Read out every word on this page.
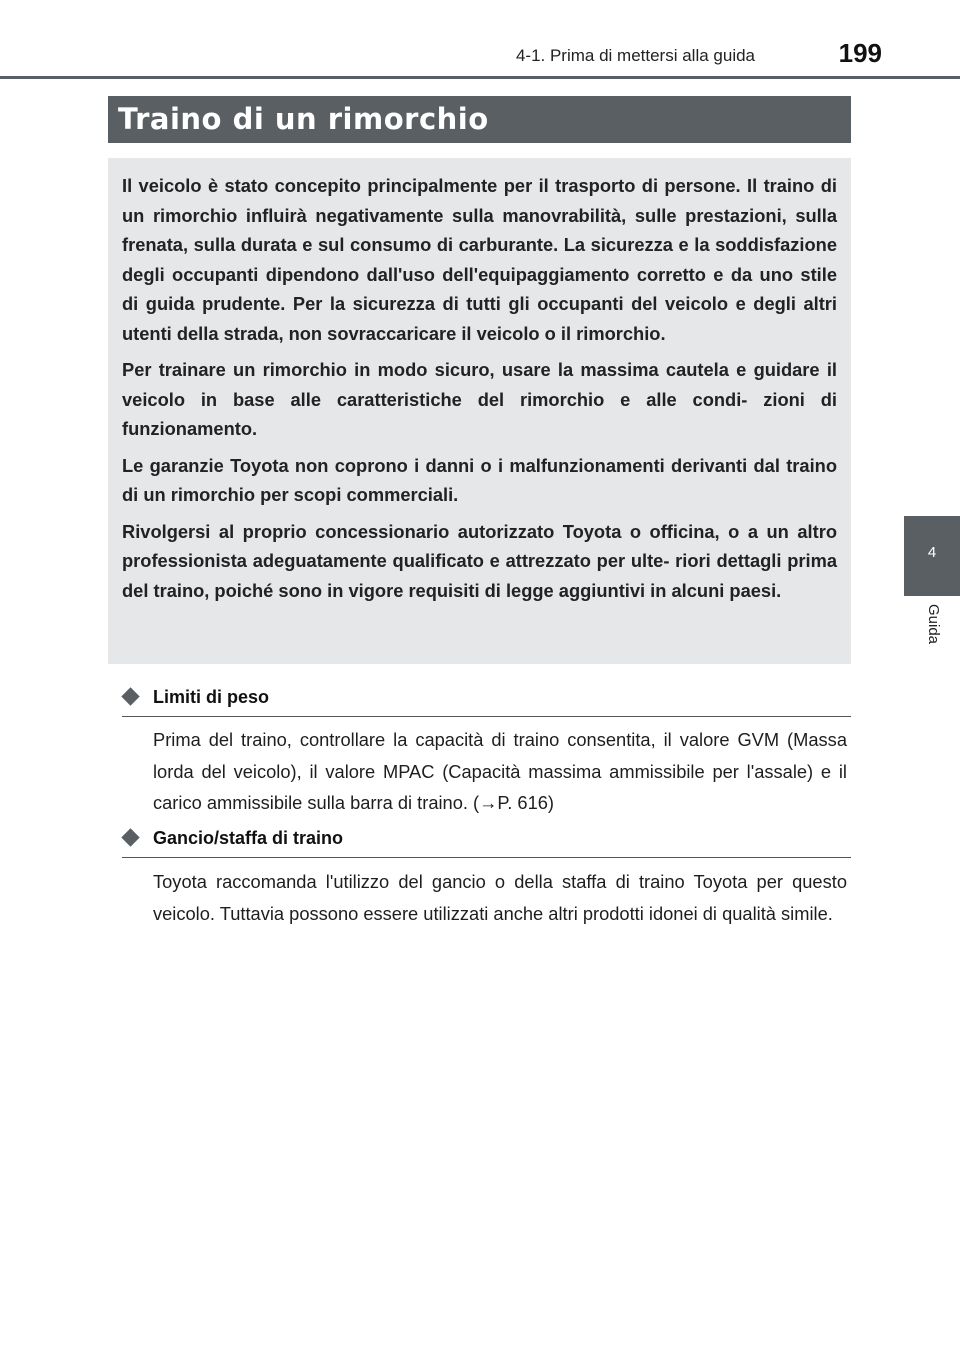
4-1. Prima di mettersi alla guida	199
4
Guida
Traino di un rimorchio

Il veicolo è stato concepito principalmente per il trasporto di persone. Il traino di un rimorchio influirà negativamente sulla manovrabilità, sulle prestazioni, sulla frenata, sulla durata e sul consumo di carburante. La sicurezza e la soddisfazione degli occupanti dipendono dall'uso dell'equipaggiamento corretto e da uno stile di guida prudente. Per la sicurezza di tutti gli occupanti del veicolo e degli altri utenti della strada, non sovraccaricare il veicolo o il rimorchio.

Per trainare un rimorchio in modo sicuro, usare la massima cautela e guidare il veicolo in base alle caratteristiche del rimorchio e alle condi- zioni di funzionamento.

Le garanzie Toyota non coprono i danni o i malfunzionamenti derivanti dal traino di un rimorchio per scopi commerciali.

Rivolgersi al proprio concessionario autorizzato Toyota o officina, o a un altro professionista adeguatamente qualificato e attrezzato per ulte- riori dettagli prima del traino, poiché sono in vigore requisiti di legge aggiuntivi in alcuni paesi.

Limiti di peso

Prima del traino, controllare la capacità di traino consentita, il valore GVM (Massa lorda del veicolo), il valore MPAC (Capacità massima ammissibile per l'assale) e il carico ammissibile sulla barra di traino. (→P. 616)

Gancio/staffa di traino

Toyota raccomanda l'utilizzo del gancio o della staffa di traino Toyota per questo veicolo. Tuttavia possono essere utilizzati anche altri prodotti idonei di qualità simile.
